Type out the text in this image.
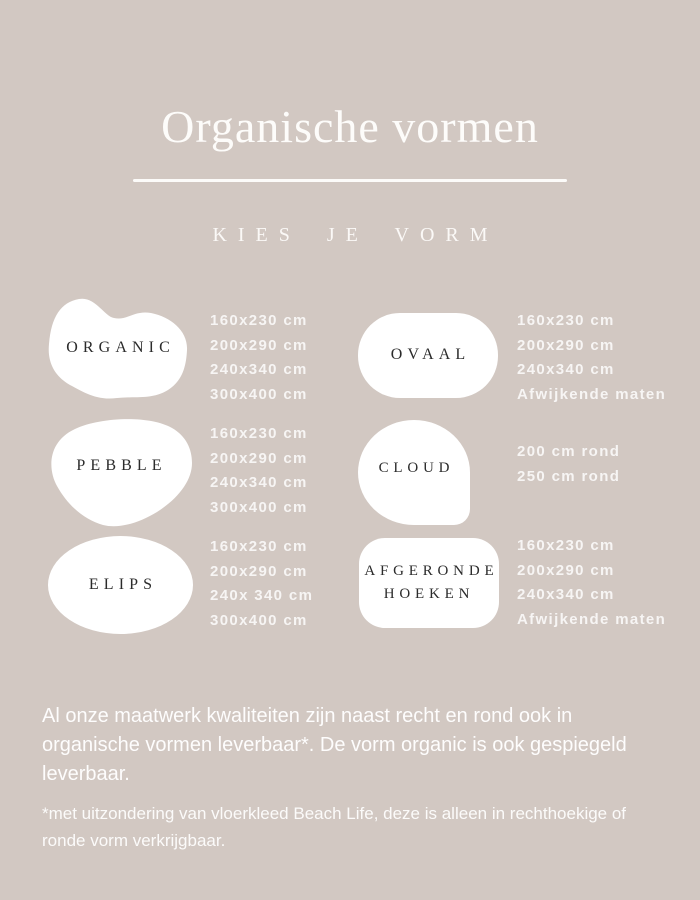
Organische vormen
KIES JE VORM
ORGANIC
160x230 cm
200x290 cm
240x340 cm
300x400 cm
OVAAL
160x230 cm
200x290 cm
240x340 cm
Afwijkende maten
PEBBLE
160x230 cm
200x290 cm
240x340 cm
300x400 cm
CLOUD
200 cm rond
250 cm rond
ELIPS
160x230 cm
200x290 cm
240x 340 cm
300x400 cm
AFGERONDE
HOEKEN
160x230 cm
200x290 cm
240x340 cm
Afwijkende maten

Al onze maatwerk kwaliteiten zijn naast recht en rond ook in organische vormen leverbaar*. De vorm organic is ook gespiegeld leverbaar.

*met uitzondering van vloerkleed Beach Life, deze is alleen in rechthoekige of ronde vorm verkrijgbaar.
